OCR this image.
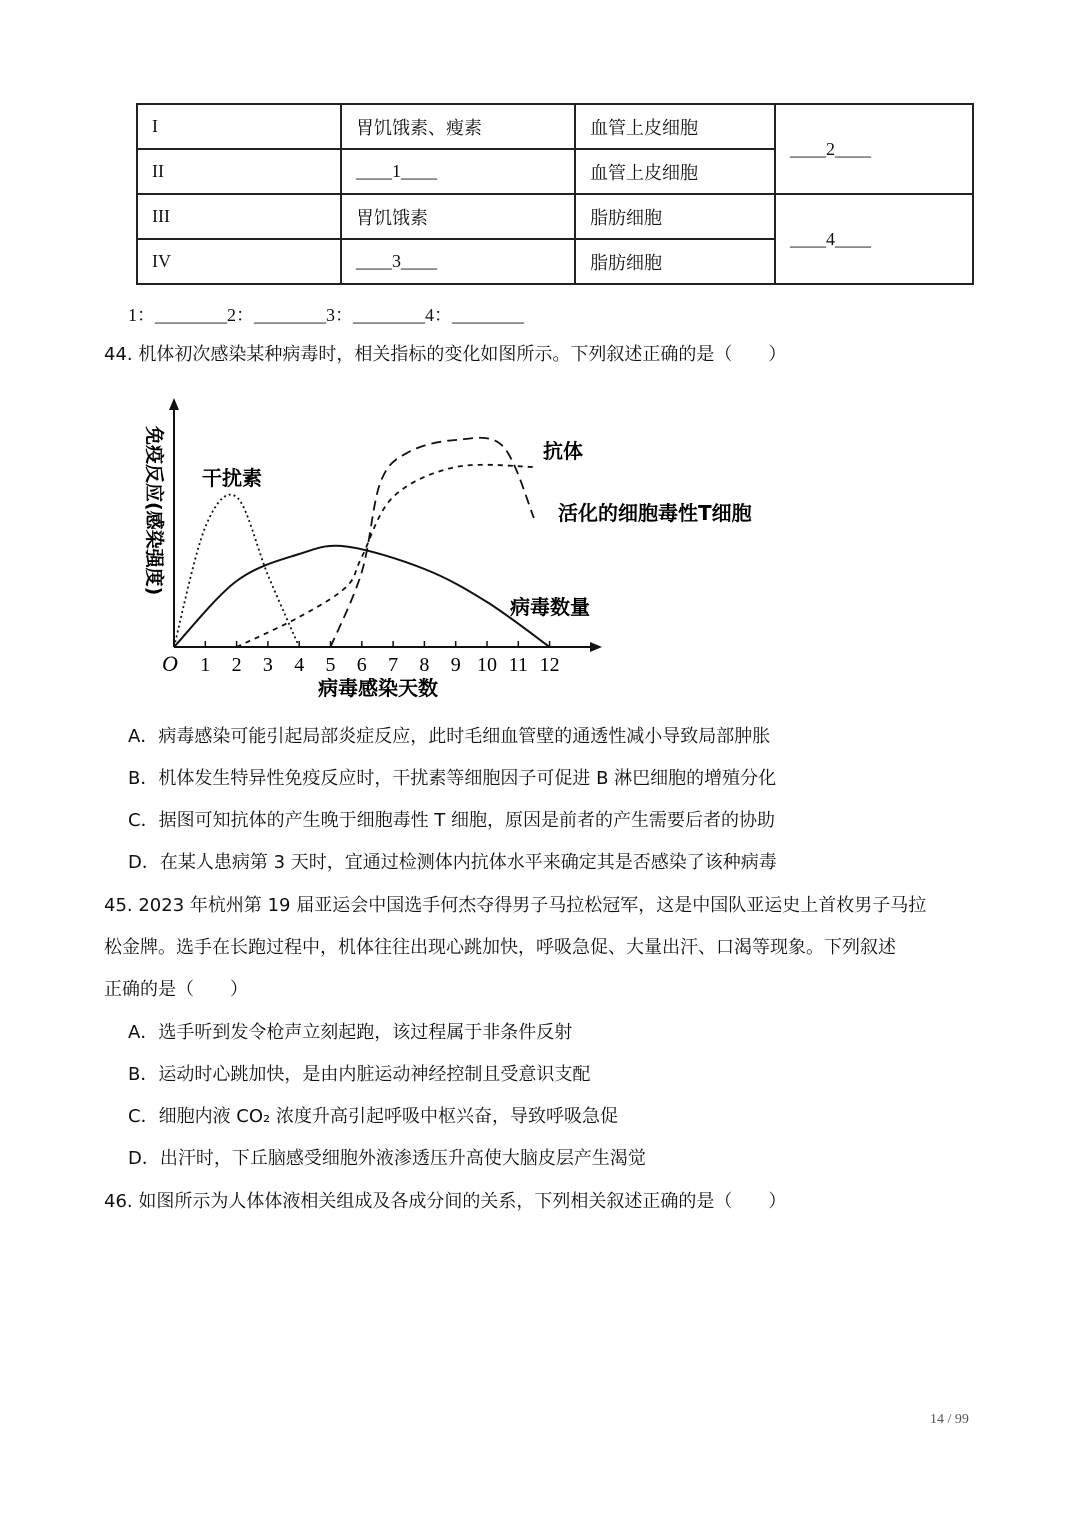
I	胃饥饿素、瘦素	血管上皮细胞	____2____
II	____1____	血管上皮细胞	
III	胃饥饿素	脂肪细胞	____4____
IV	____3____	脂肪细胞	
1：________2：________3：________4：________
44. 机体初次感染某种病毒时，相关指标的变化如图所示。下列叙述正确的是（　　）
1 2 3 4 5 6 7 8 9 10 11 12
O
病毒感染天数
免疫反应(感染强度) 干扰素
病毒数量
抗体
活化的细胞毒性T细胞
A．病毒感染可能引起局部炎症反应，此时毛细血管壁的通透性减小导致局部肿胀
B．机体发生特异性免疫反应时，干扰素等细胞因子可促进 B 淋巴细胞的增殖分化
C．据图可知抗体的产生晚于细胞毒性 T 细胞，原因是前者的产生需要后者的协助
D．在某人患病第 3 天时，宜通过检测体内抗体水平来确定其是否感染了该种病毒
45. 2023 年杭州第 19 届亚运会中国选手何杰夺得男子马拉松冠军，这是中国队亚运史上首枚男子马拉
松金牌。选手在长跑过程中，机体往往出现心跳加快，呼吸急促、大量出汗、口渴等现象。下列叙述
正确的是（　　）
A．选手听到发令枪声立刻起跑，该过程属于非条件反射
B．运动时心跳加快，是由内脏运动神经控制且受意识支配
C．细胞内液 CO₂ 浓度升高引起呼吸中枢兴奋，导致呼吸急促
D．出汗时，下丘脑感受细胞外液渗透压升高使大脑皮层产生渴觉
46. 如图所示为人体体液相关组成及各成分间的关系，下列相关叙述正确的是（　　）
14 / 99
